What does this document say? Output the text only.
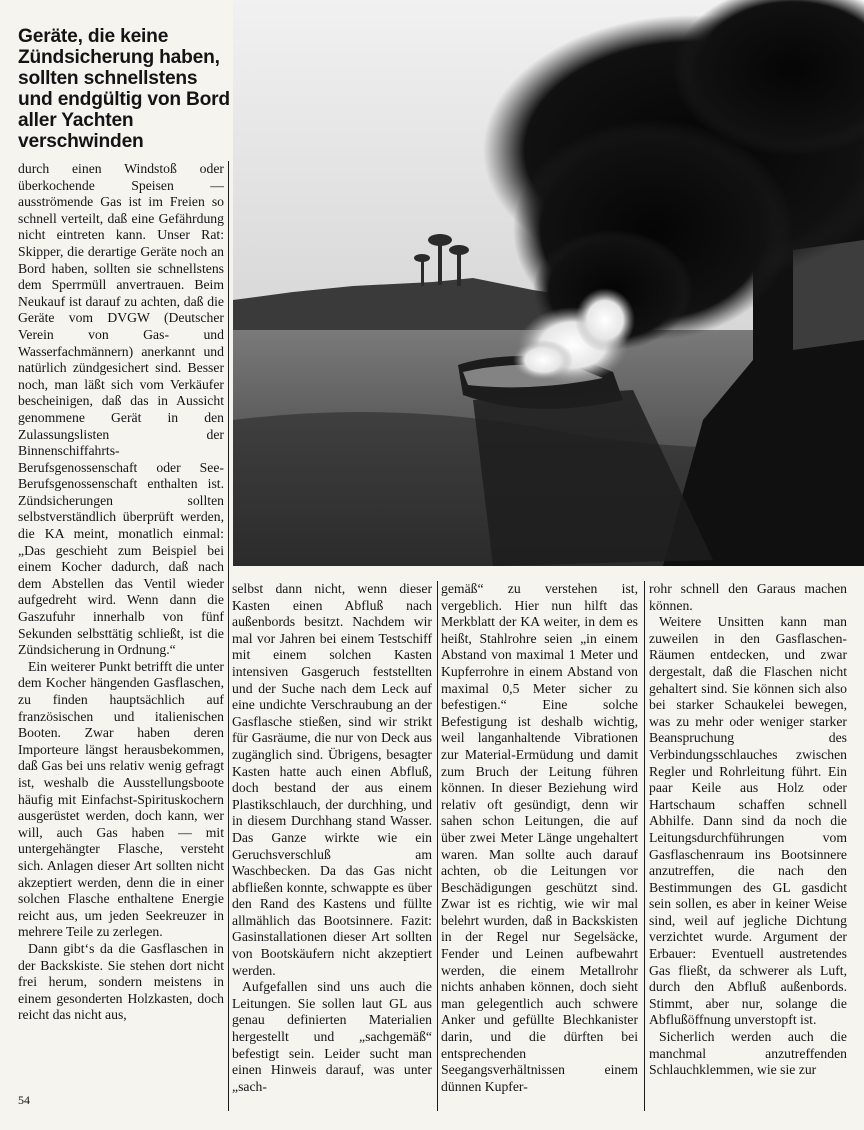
Geräte, die keine Zündsicherung haben, sollten schnellstens und endgültig von Bord aller Yachten verschwinden

durch einen Windstoß oder überkochende Speisen — ausströmende Gas ist im Freien so schnell verteilt, daß eine Gefährdung nicht eintreten kann. Unser Rat: Skipper, die derartige Geräte noch an Bord haben, sollten sie schnellstens dem Sperrmüll anvertrauen. Beim Neukauf ist darauf zu achten, daß die Geräte vom DVGW (Deutscher Verein von Gas- und Wasserfachmännern) anerkannt und natürlich zündgesichert sind. Besser noch, man läßt sich vom Verkäufer bescheinigen, daß das in Aussicht genommene Gerät in den Zulassungslisten der Binnenschiffahrts-Berufsgenossenschaft oder See-Berufsgenossenschaft enthalten ist. Zündsicherungen sollten selbstverständlich überprüft werden, die KA meint, monatlich einmal: „Das geschieht zum Beispiel bei einem Kocher dadurch, daß nach dem Abstellen das Ventil wieder aufgedreht wird. Wenn dann die Gaszufuhr innerhalb von fünf Sekunden selbsttätig schließt, ist die Zündsicherung in Ordnung.“

Ein weiterer Punkt betrifft die unter dem Kocher hängenden Gasflaschen, zu finden hauptsächlich auf französischen und italienischen Booten. Zwar haben deren Importeure längst herausbekommen, daß Gas bei uns relativ wenig gefragt ist, weshalb die Ausstellungsboote häufig mit Einfachst-Spirituskochern ausgerüstet werden, doch kann, wer will, auch Gas haben — mit untergehängter Flasche, versteht sich. Anlagen dieser Art sollten nicht akzeptiert werden, denn die in einer solchen Flasche enthaltene Energie reicht aus, um jeden Seekreuzer in mehrere Teile zu zerlegen.

Dann gibt‘s da die Gasflaschen in der Backskiste. Sie stehen dort nicht frei herum, sondern meistens in einem gesonderten Holzkasten, doch reicht das nicht aus,

selbst dann nicht, wenn dieser Kasten einen Abfluß nach außenbords besitzt. Nachdem wir mal vor Jahren bei einem Testschiff mit einem solchen Kasten intensiven Gasgeruch feststellten und der Suche nach dem Leck auf eine undichte Verschraubung an der Gasflasche stießen, sind wir strikt für Gasräume, die nur von Deck aus zugänglich sind. Übrigens, besagter Kasten hatte auch einen Abfluß, doch bestand der aus einem Plastikschlauch, der durchhing, und in diesem Durchhang stand Wasser. Das Ganze wirkte wie ein Geruchsverschluß am Waschbecken. Da das Gas nicht abfließen konnte, schwappte es über den Rand des Kastens und füllte allmählich das Bootsinnere. Fazit: Gasinstallationen dieser Art sollten von Bootskäufern nicht akzeptiert werden.

Aufgefallen sind uns auch die Leitungen. Sie sollen laut GL aus genau definierten Materialien hergestellt und „sachgemäß“ befestigt sein. Leider sucht man einen Hinweis darauf, was unter „sach-

gemäß“ zu verstehen ist, vergeblich. Hier nun hilft das Merkblatt der KA weiter, in dem es heißt, Stahlrohre seien „in einem Abstand von maximal 1 Meter und Kupferrohre in einem Abstand von maximal 0,5 Meter sicher zu befestigen.“ Eine solche Befestigung ist deshalb wichtig, weil langanhaltende Vibrationen zur Material-Ermüdung und damit zum Bruch der Leitung führen können. In dieser Beziehung wird relativ oft gesündigt, denn wir sahen schon Leitungen, die auf über zwei Meter Länge ungehaltert waren. Man sollte auch darauf achten, ob die Leitungen vor Beschädigungen geschützt sind. Zwar ist es richtig, wie wir mal belehrt wurden, daß in Backskisten in der Regel nur Segelsäcke, Fender und Leinen aufbewahrt werden, die einem Metallrohr nichts anhaben können, doch sieht man gelegentlich auch schwere Anker und gefüllte Blechkanister darin, und die dürften bei entsprechenden Seegangsverhältnissen einem dünnen Kupfer-

rohr schnell den Garaus machen können.

Weitere Unsitten kann man zuweilen in den Gasflaschen-Räumen entdecken, und zwar dergestalt, daß die Flaschen nicht gehaltert sind. Sie können sich also bei starker Schaukelei bewegen, was zu mehr oder weniger starker Beanspruchung des Verbindungsschlauches zwischen Regler und Rohrleitung führt. Ein paar Keile aus Holz oder Hartschaum schaffen schnell Abhilfe. Dann sind da noch die Leitungsdurchführungen vom Gasflaschenraum ins Bootsinnere anzutreffen, die nach den Bestimmungen des GL gasdicht sein sollen, es aber in keiner Weise sind, weil auf jegliche Dichtung verzichtet wurde. Argument der Erbauer: Eventuell austretendes Gas fließt, da schwerer als Luft, durch den Abfluß außenbords. Stimmt, aber nur, solange die Abflußöffnung unverstopft ist.

Sicherlich werden auch die manchmal anzutreffenden Schlauchklemmen, wie sie zur

54
